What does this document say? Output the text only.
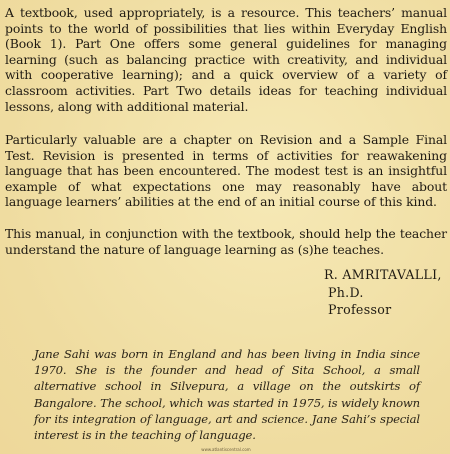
A textbook, used appropriately, is a resource. This teachers’ manual points to the world of possibilities that lies within Everyday English (Book 1). Part One offers some general guidelines for managing learning (such as balancing practice with creativity, and individual with cooperative learning); and a quick overview of a variety of classroom activities. Part Two details ideas for teaching individual lessons, along with additional material.

Particularly valuable are a chapter on Revision and a Sample Final Test. Revision is presented in terms of activities for reawakening language that has been encountered. The modest test is an insightful example of what expectations one may reasonably have about language learners’ abilities at the end of an initial course of this kind.

This manual, in conjunction with the textbook, should help the teacher understand the nature of language learning as (s)he teaches.

R. AMRITAVALLI,
Ph.D.
Professor

Jane Sahi was born in England and has been living in India since 1970. She is the founder and head of Sita School, a small alternative school in Silvepura, a village on the outskirts of Bangalore. The school, which was started in 1975, is widely known for its integration of language, art and science. Jane Sahi’s special interest is in the teaching of language.

www.atlantiscentral.com
